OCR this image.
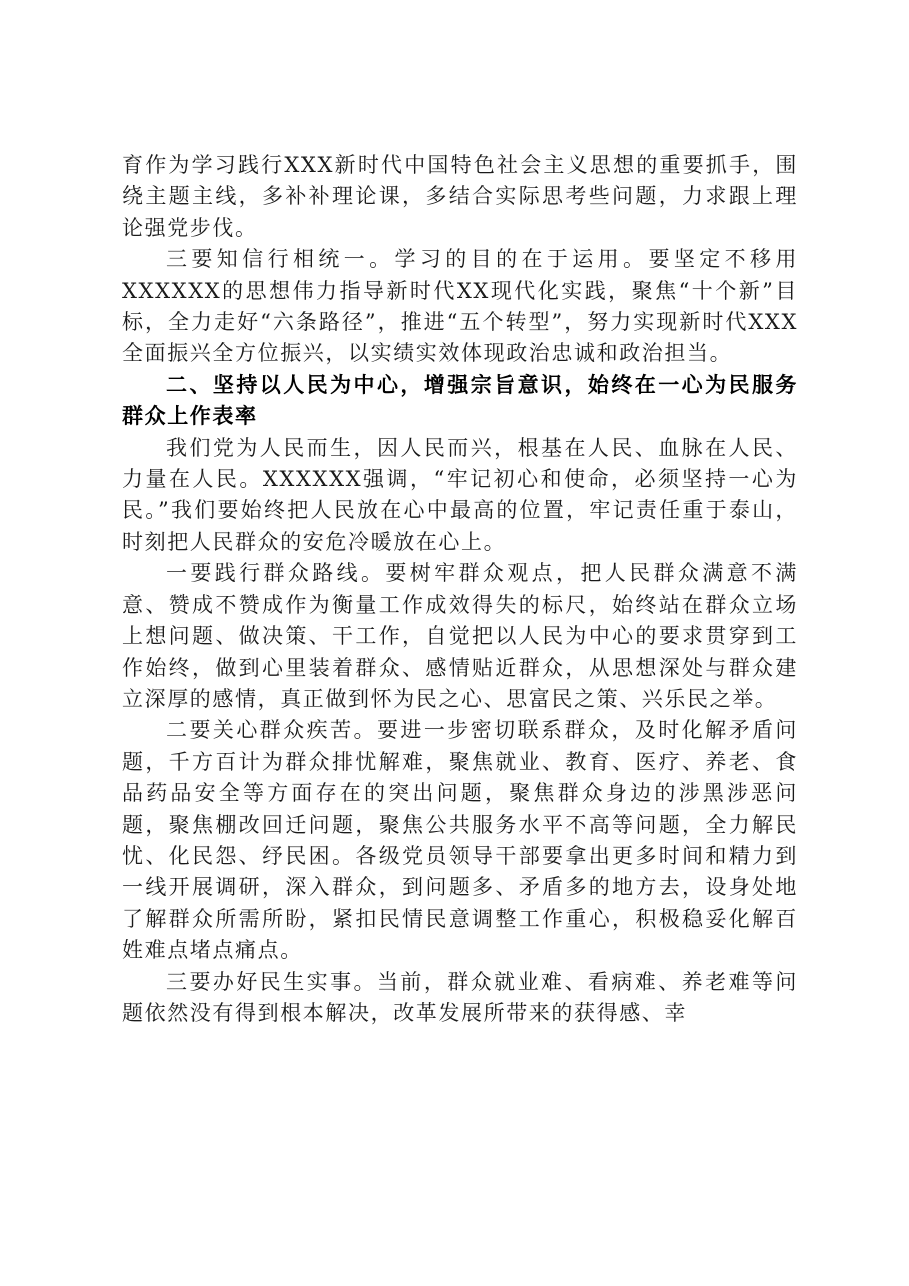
育作为学习践行XXX新时代中国特色社会主义思想的重要抓手，围绕主题主线，多补补理论课，多结合实际思考些问题，力求跟上理论强党步伐。

三要知信行相统一。学习的目的在于运用。要坚定不移用XXXXXX的思想伟力指导新时代XX现代化实践，聚焦“十个新”目标，全力走好“六条路径”，推进“五个转型”，努力实现新时代XXX全面振兴全方位振兴，以实绩实效体现政治忠诚和政治担当。

二、坚持以人民为中心，增强宗旨意识，始终在一心为民服务群众上作表率

我们党为人民而生，因人民而兴，根基在人民、血脉在人民、力量在人民。XXXXXX强调，“牢记初心和使命，必须坚持一心为民。”我们要始终把人民放在心中最高的位置，牢记责任重于泰山，时刻把人民群众的安危冷暖放在心上。

一要践行群众路线。要树牢群众观点，把人民群众满意不满意、赞成不赞成作为衡量工作成效得失的标尺，始终站在群众立场上想问题、做决策、干工作，自觉把以人民为中心的要求贯穿到工作始终，做到心里装着群众、感情贴近群众，从思想深处与群众建立深厚的感情，真正做到怀为民之心、思富民之策、兴乐民之举。

二要关心群众疾苦。要进一步密切联系群众，及时化解矛盾问题，千方百计为群众排忧解难，聚焦就业、教育、医疗、养老、食品药品安全等方面存在的突出问题，聚焦群众身边的涉黑涉恶问题，聚焦棚改回迁问题，聚焦公共服务水平不高等问题，全力解民忧、化民怨、纾民困。各级党员领导干部要拿出更多时间和精力到一线开展调研，深入群众，到问题多、矛盾多的地方去，设身处地了解群众所需所盼，紧扣民情民意调整工作重心，积极稳妥化解百姓难点堵点痛点。

三要办好民生实事。当前，群众就业难、看病难、养老难等问题依然没有得到根本解决，改革发展所带来的获得感、幸
